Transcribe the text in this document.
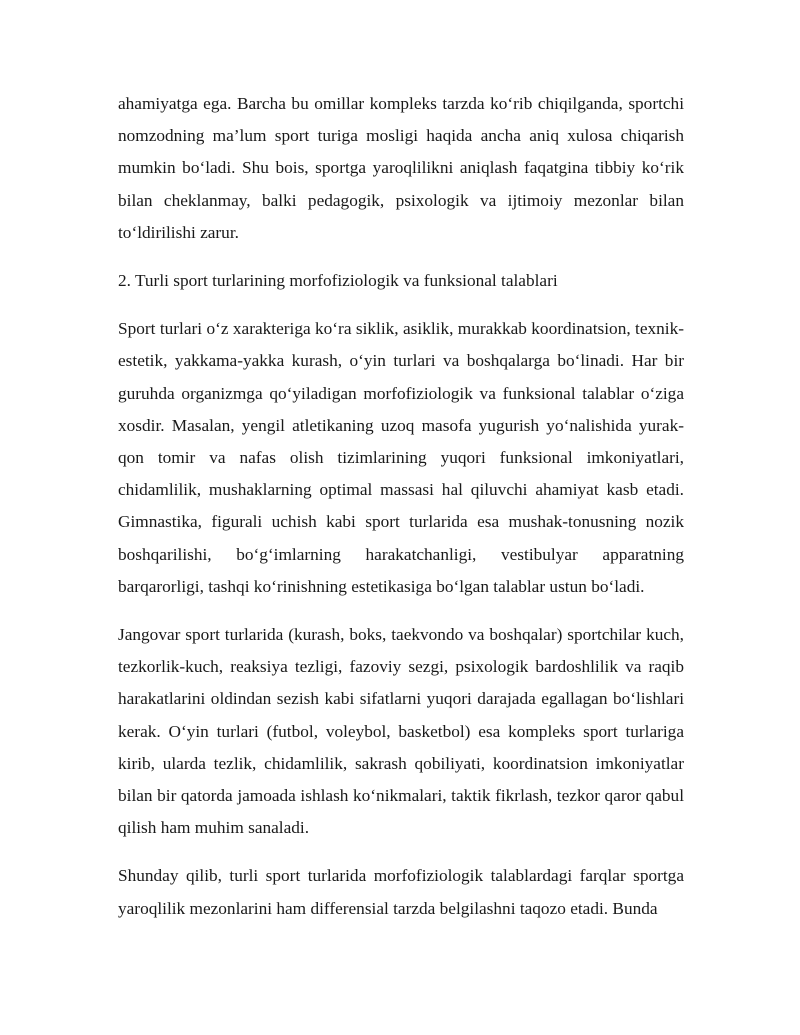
ahamiyatga ega. Barcha bu omillar kompleks tarzda ko‘rib chiqilganda, sportchi nomzodning ma’lum sport turiga mosligi haqida ancha aniq xulosa chiqarish mumkin bo‘ladi. Shu bois, sportga yaroqlilikni aniqlash faqatgina tibbiy ko‘rik bilan cheklanmay, balki pedagogik, psixologik va ijtimoiy mezonlar bilan to‘ldirilishi zarur.

2. Turli sport turlarining morfofiziologik va funksional talablari

Sport turlari o‘z xarakteriga ko‘ra siklik, asiklik, murakkab koordinatsion, texnik-estetik, yakkama-yakka kurash, o‘yin turlari va boshqalarga bo‘linadi. Har bir guruhda organizmga qo‘yiladigan morfofiziologik va funksional talablar o‘ziga xosdir. Masalan, yengil atletikaning uzoq masofa yugurish yo‘nalishida yurak-qon tomir va nafas olish tizimlarining yuqori funksional imkoniyatlari, chidamlilik, mushaklarning optimal massasi hal qiluvchi ahamiyat kasb etadi. Gimnastika, figurali uchish kabi sport turlarida esa mushak-tonusning nozik boshqarilishi, bo‘g‘imlarning harakatchanligi, vestibulyar apparatning barqarorligi, tashqi ko‘rinishning estetikasiga bo‘lgan talablar ustun bo‘ladi.

Jangovar sport turlarida (kurash, boks, taekvondo va boshqalar) sportchilar kuch, tezkorlik-kuch, reaksiya tezligi, fazoviy sezgi, psixologik bardoshlilik va raqib harakatlarini oldindan sezish kabi sifatlarni yuqori darajada egallagan bo‘lishlari kerak. O‘yin turlari (futbol, voleybol, basketbol) esa kompleks sport turlariga kirib, ularda tezlik, chidamlilik, sakrash qobiliyati, koordinatsion imkoniyatlar bilan bir qatorda jamoada ishlash ko‘nikmalari, taktik fikrlash, tezkor qaror qabul qilish ham muhim sanaladi.

Shunday qilib, turli sport turlarida morfofiziologik talablardagi farqlar sportga yaroqlilik mezonlarini ham differensial tarzda belgilashni taqozo etadi. Bunda
